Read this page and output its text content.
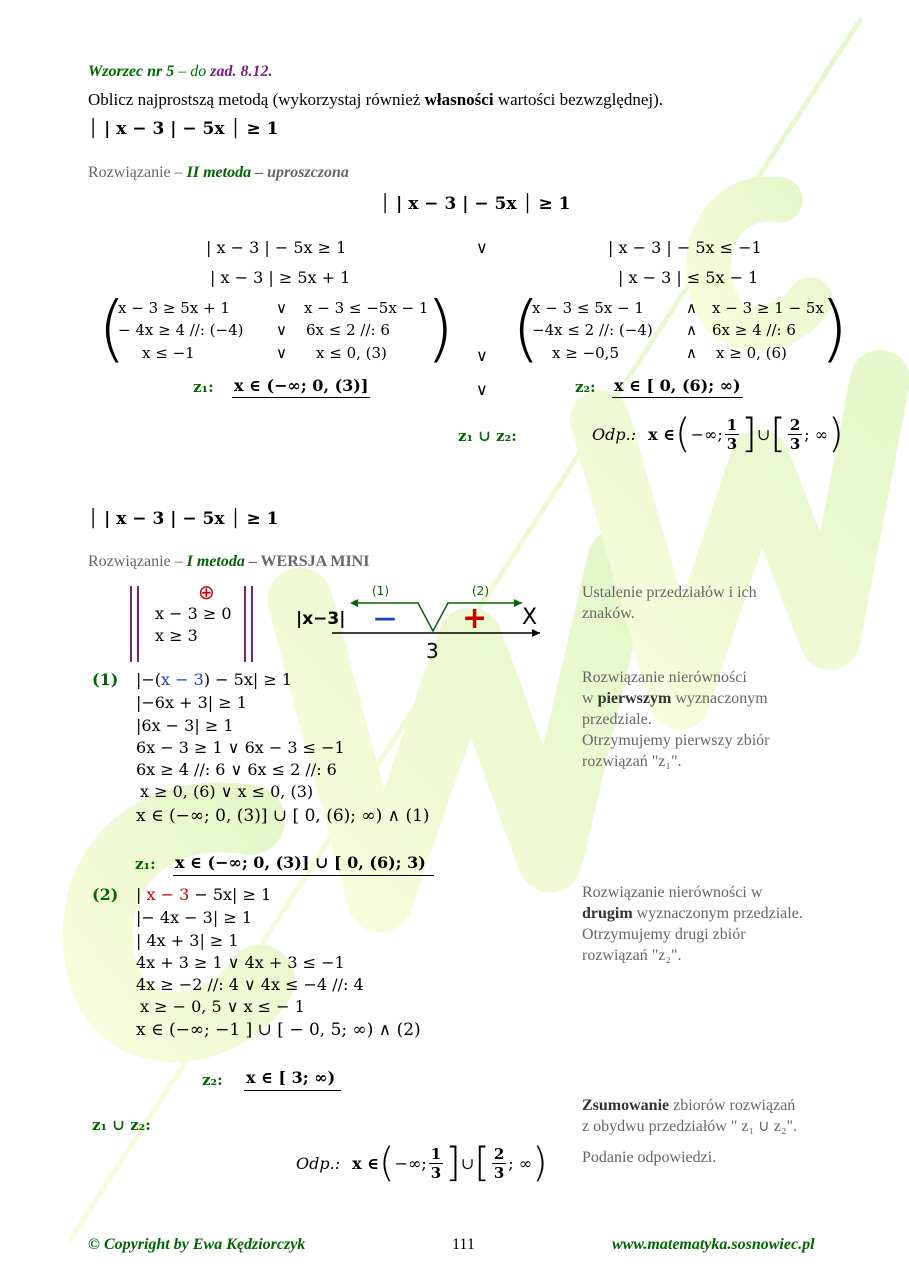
Wzorzec nr 5 – do zad. 8.12.
Oblicz najprostszą metodą (wykorzystaj również własności wartości bezwzględnej).
│ | x − 3 | − 5x │ ≥ 1
Rozwiązanie – II metoda – uproszczona
│ | x − 3 | − 5x │ ≥ 1
| x − 3 | − 5x ≥ 1
| x − 3 | ≥ 5x + 1
∨	| x − 3 | − 5x ≤ −1
| x − 3 | ≤ 5x − 1
(	)
x − 3 ≥ 5x + 1	∨ x − 3 ≤ −5x − 1
− 4x ≥ 4 //: (−4) ∨ 6x ≤ 2 //: 6
x ≤ −1	∨ x ≤ 0, (3)	∨ (	)
x − 3 ≤ 5x − 1	∧ x − 3 ≥ 1 − 5x
−4x ≤ 2 //: (−4) ∧ 6x ≥ 4 //: 6
x ≥ −0,5	∧ x ≥ 0, (6)
z₁: x ∈ (−∞; 0, (3)]	∨	z₂: x ∈ [ 0, (6); ∞)
z₁ ∪ z₂:	Odp.: x ∈ ( −∞; $\frac{1}{3}$ ] ∪ [ $\frac{2}{3}$ ; ∞ )
│ | x − 3 | − 5x │ ≥ 1
Rozwiązanie – I metoda – WERSJA MINI
⊕
x − 3 ≥ 0
x ≥ 3
|x−3|
(1)	(2)
— + X
3
Ustalenie przedziałów i ich znaków.
(1) |−(x − 3) − 5x| ≥ 1
|−6x + 3| ≥ 1
|6x − 3| ≥ 1
6x − 3 ≥ 1 ∨ 6x − 3 ≤ −1
6x ≥ 4 //: 6 ∨ 6x ≤ 2 //: 6
x ≥ 0, (6) ∨ x ≤ 0, (3)
x ∈ (−∞; 0, (3)] ∪ [ 0, (6); ∞) ∧ (1)
z₁: x ∈ (−∞; 0, (3)] ∪ [ 0, (6); 3)
Rozwiązanie nierówności
w pierwszym wyznaczonym
przedziale.
Otrzymujemy pierwszy zbiór
rozwiązań "z₁".
(2) | x − 3 − 5x| ≥ 1
|− 4x − 3| ≥ 1
| 4x + 3| ≥ 1
4x + 3 ≥ 1 ∨ 4x + 3 ≤ −1
4x ≥ −2 //: 4 ∨ 4x ≤ −4 //: 4
x ≥ − 0, 5 ∨ x ≤ − 1
x ∈ (−∞; −1 ] ∪ [ − 0, 5; ∞) ∧ (2)
z₂: x ∈ [ 3; ∞)
Rozwiązanie nierówności w
drugim wyznaczonym przedziale.
Otrzymujemy drugi zbiór
rozwiązań "z₂".
z₁ ∪ z₂:
Zsumowanie zbiorów rozwiązań
z obydwu przedziałów " z₁ ∪ z₂".
Podanie odpowiedzi.
Odp.: x ∈ ( −∞; $\frac{1}{3}$ ] ∪ [ $\frac{2}{3}$ ; ∞ )
© Copyright by Ewa Kędziorczyk	111	www.matematyka.sosnowiec.pl
